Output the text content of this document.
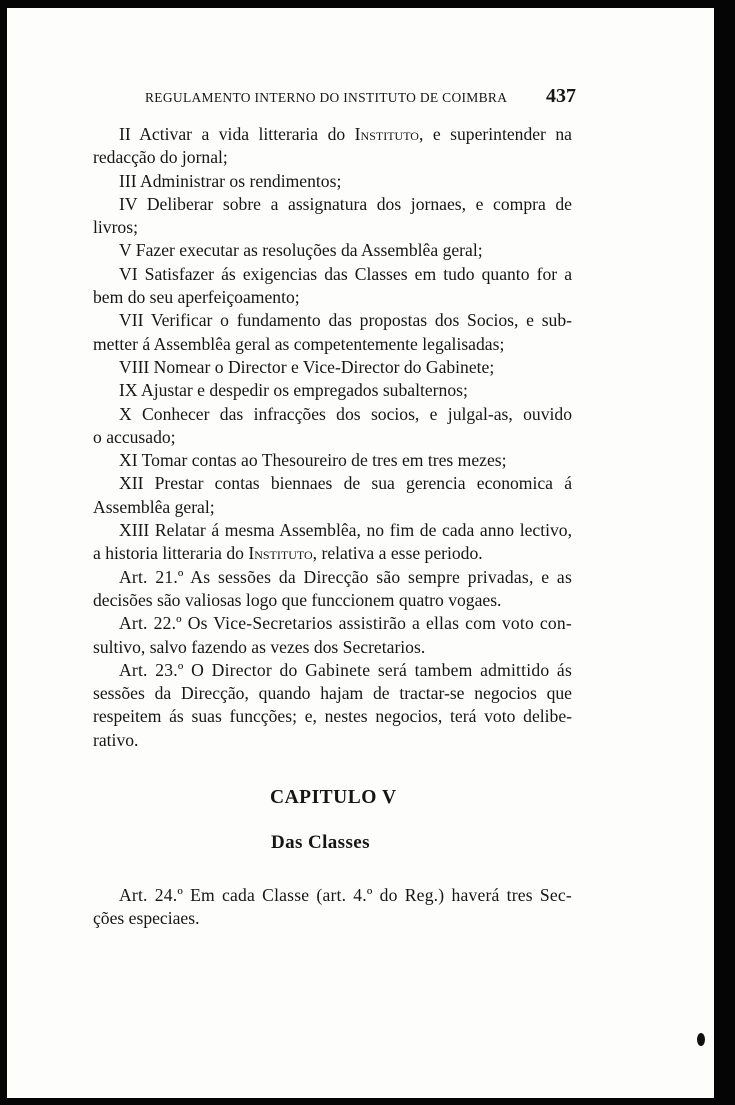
REGULAMENTO INTERNO DO INSTITUTO DE COIMBRA 437
II Activar a vida litteraria do Instituto, e superintender na
redacção do jornal;
III Administrar os rendimentos;
IV Deliberar sobre a assignatura dos jornaes, e compra de
livros;
V Fazer executar as resoluções da Assemblêa geral;
VI Satisfazer ás exigencias das Classes em tudo quanto for a
bem do seu aperfeiçoamento;
VII Verificar o fundamento das propostas dos Socios, e sub-
metter á Assemblêa geral as competentemente legalisadas;
VIII Nomear o Director e Vice-Director do Gabinete;
IX Ajustar e despedir os empregados subalternos;
X Conhecer das infracções dos socios, e julgal-as, ouvido
o accusado;
XI Tomar contas ao Thesoureiro de tres em tres mezes;
XII Prestar contas biennaes de sua gerencia economica á
Assemblêa geral;
XIII Relatar á mesma Assemblêa, no fim de cada anno lectivo,
a historia litteraria do Instituto, relativa a esse periodo.
Art. 21.º As sessões da Direcção são sempre privadas, e as
decisões são valiosas logo que funccionem quatro vogaes.
Art. 22.º Os Vice-Secretarios assistirão a ellas com voto con-
sultivo, salvo fazendo as vezes dos Secretarios.
Art. 23.º O Director do Gabinete será tambem admittido ás
sessões da Direcção, quando hajam de tractar-se negocios que
respeitem ás suas funcções; e, nestes negocios, terá voto delibe-
rativo.
CAPITULO V
Das Classes
Art. 24.º Em cada Classe (art. 4.º do Reg.) haverá tres Sec-
ções especiaes.
